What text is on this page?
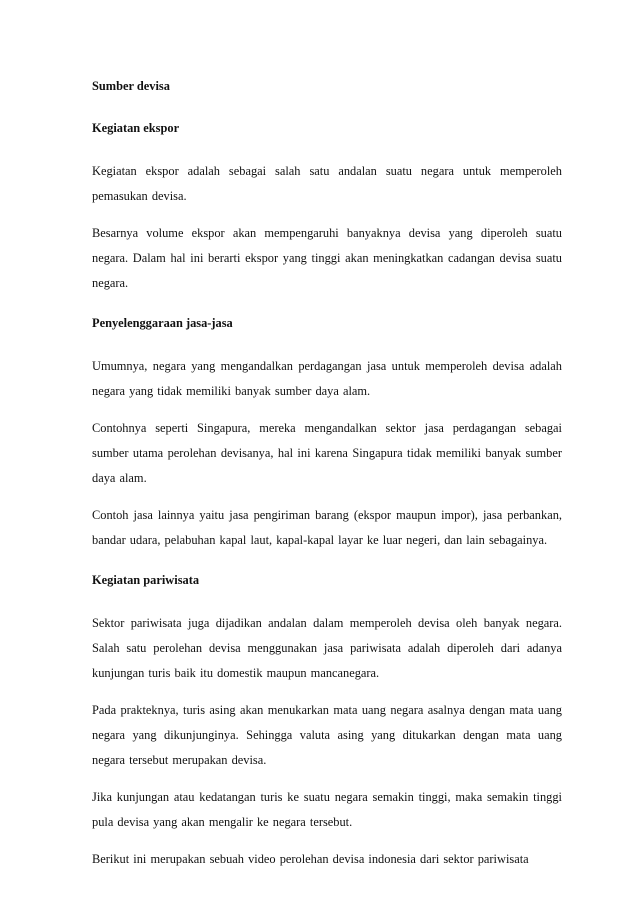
Sumber devisa
Kegiatan ekspor
Kegiatan ekspor adalah sebagai salah satu andalan suatu negara untuk memperoleh pemasukan devisa.
Besarnya volume ekspor akan mempengaruhi banyaknya devisa yang diperoleh suatu negara. Dalam hal ini berarti ekspor yang tinggi akan meningkatkan cadangan devisa suatu negara.
Penyelenggaraan jasa-jasa
Umumnya, negara yang mengandalkan perdagangan jasa untuk memperoleh devisa adalah negara yang tidak memiliki banyak sumber daya alam.
Contohnya seperti Singapura, mereka mengandalkan sektor jasa perdagangan sebagai sumber utama perolehan devisanya, hal ini karena Singapura tidak memiliki banyak sumber daya alam.
Contoh jasa lainnya yaitu jasa pengiriman barang (ekspor maupun impor), jasa perbankan, bandar udara, pelabuhan kapal laut, kapal-kapal layar ke luar negeri, dan lain sebagainya.
Kegiatan pariwisata
Sektor pariwisata juga dijadikan andalan dalam memperoleh devisa oleh banyak negara. Salah satu perolehan devisa menggunakan jasa pariwisata adalah diperoleh dari adanya kunjungan turis baik itu domestik maupun mancanegara.
Pada prakteknya, turis asing akan menukarkan mata uang negara asalnya dengan mata uang negara yang dikunjunginya. Sehingga valuta asing yang ditukarkan dengan mata uang negara tersebut merupakan devisa.
Jika kunjungan atau kedatangan turis ke suatu negara semakin tinggi, maka semakin tinggi pula devisa yang akan mengalir ke negara tersebut.
Berikut ini merupakan sebuah video perolehan devisa indonesia dari sektor pariwisata
